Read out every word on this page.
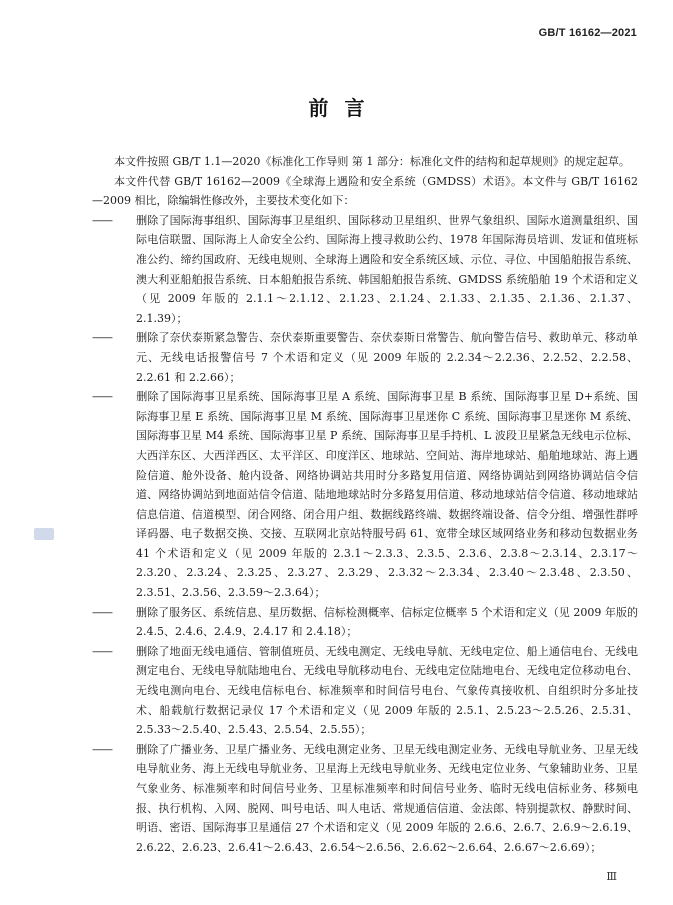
GB/T 16162—2021
前言

本文件按照 GB/T 1.1—2020《标准化工作导则 第 1 部分：标准化文件的结构和起草规则》的规定起草。

本文件代替 GB/T 16162—2009《全球海上遇险和安全系统（GMDSS）术语》。本文件与 GB/T 16162—2009 相比，除编辑性修改外，主要技术变化如下：

—— 删除了国际海事组织、国际海事卫星组织、国际移动卫星组织、世界气象组织、国际水道测量组织、国际电信联盟、国际海上人命安全公约、国际海上搜寻救助公约、1978 年国际海员培训、发证和值班标准公约、缔约国政府、无线电规则、全球海上遇险和安全系统区域、示位、寻位、中国船舶报告系统、澳大利亚船舶报告系统、日本船舶报告系统、韩国船舶报告系统、GMDSS 系统船舶 19 个术语和定义（见 2009 年版的 2.1.1～2.1.12、2.1.23、2.1.24、2.1.33、2.1.35、2.1.36、2.1.37、2.1.39）；

—— 删除了奈伏泰斯紧急警告、奈伏泰斯重要警告、奈伏泰斯日常警告、航向警告信号、救助单元、移动单元、无线电话报警信号 7 个术语和定义（见 2009 年版的 2.2.34～2.2.36、2.2.52、2.2.58、2.2.61 和 2.2.66）；

—— 删除了国际海事卫星系统、国际海事卫星 A 系统、国际海事卫星 B 系统、国际海事卫星 D+系统、国际海事卫星 E 系统、国际海事卫星 M 系统、国际海事卫星迷你 C 系统、国际海事卫星迷你 M 系统、国际海事卫星 M4 系统、国际海事卫星 P 系统、国际海事卫星手持机、L 波段卫星紧急无线电示位标、大西洋东区、大西洋西区、太平洋区、印度洋区、地球站、空间站、海岸地球站、船舶地球站、海上遇险信道、舱外设备、舱内设备、网络协调站共用时分多路复用信道、网络协调站到网络协调站信令信道、网络协调站到地面站信令信道、陆地地球站时分多路复用信道、移动地球站信令信道、移动地球站信息信道、信道模型、闭合网络、闭合用户组、数据线路终端、数据终端设备、信令分组、增强性群呼译码器、电子数据交换、交接、互联网北京站特服号码 61、宽带全球区域网络业务和移动包数据业务 41 个术语和定义（见 2009 年版的 2.3.1～2.3.3、2.3.5、2.3.6、2.3.8～2.3.14、2.3.17～2.3.20、2.3.24、2.3.25、2.3.27、2.3.29、2.3.32～2.3.34、2.3.40～2.3.48、2.3.50、2.3.51、2.3.56、2.3.59～2.3.64）；

—— 删除了服务区、系统信息、星历数据、信标检测概率、信标定位概率 5 个术语和定义（见 2009 年版的 2.4.5、2.4.6、2.4.9、2.4.17 和 2.4.18）；

—— 删除了地面无线电通信、管制值班员、无线电测定、无线电导航、无线电定位、船上通信电台、无线电测定电台、无线电导航陆地电台、无线电导航移动电台、无线电定位陆地电台、无线电定位移动电台、无线电测向电台、无线电信标电台、标准频率和时间信号电台、气象传真接收机、自组织时分多址技术、船载航行数据记录仪 17 个术语和定义（见 2009 年版的 2.5.1、2.5.23～2.5.26、2.5.31、2.5.33～2.5.40、2.5.43、2.5.54、2.5.55）；

—— 删除了广播业务、卫星广播业务、无线电测定业务、卫星无线电测定业务、无线电导航业务、卫星无线电导航业务、海上无线电导航业务、卫星海上无线电导航业务、无线电定位业务、气象辅助业务、卫星气象业务、标准频率和时间信号业务、卫星标准频率和时间信号业务、临时无线电信标业务、移频电报、执行机构、入网、脱网、叫号电话、叫人电话、常规通信信道、金法郎、特别提款权、静默时间、明语、密语、国际海事卫星通信 27 个术语和定义（见 2009 年版的 2.6.6、2.6.7、2.6.9～2.6.19、2.6.22、2.6.23、2.6.41～2.6.43、2.6.54～2.6.56、2.6.62～2.6.64、2.6.67～2.6.69）；

Ⅲ
